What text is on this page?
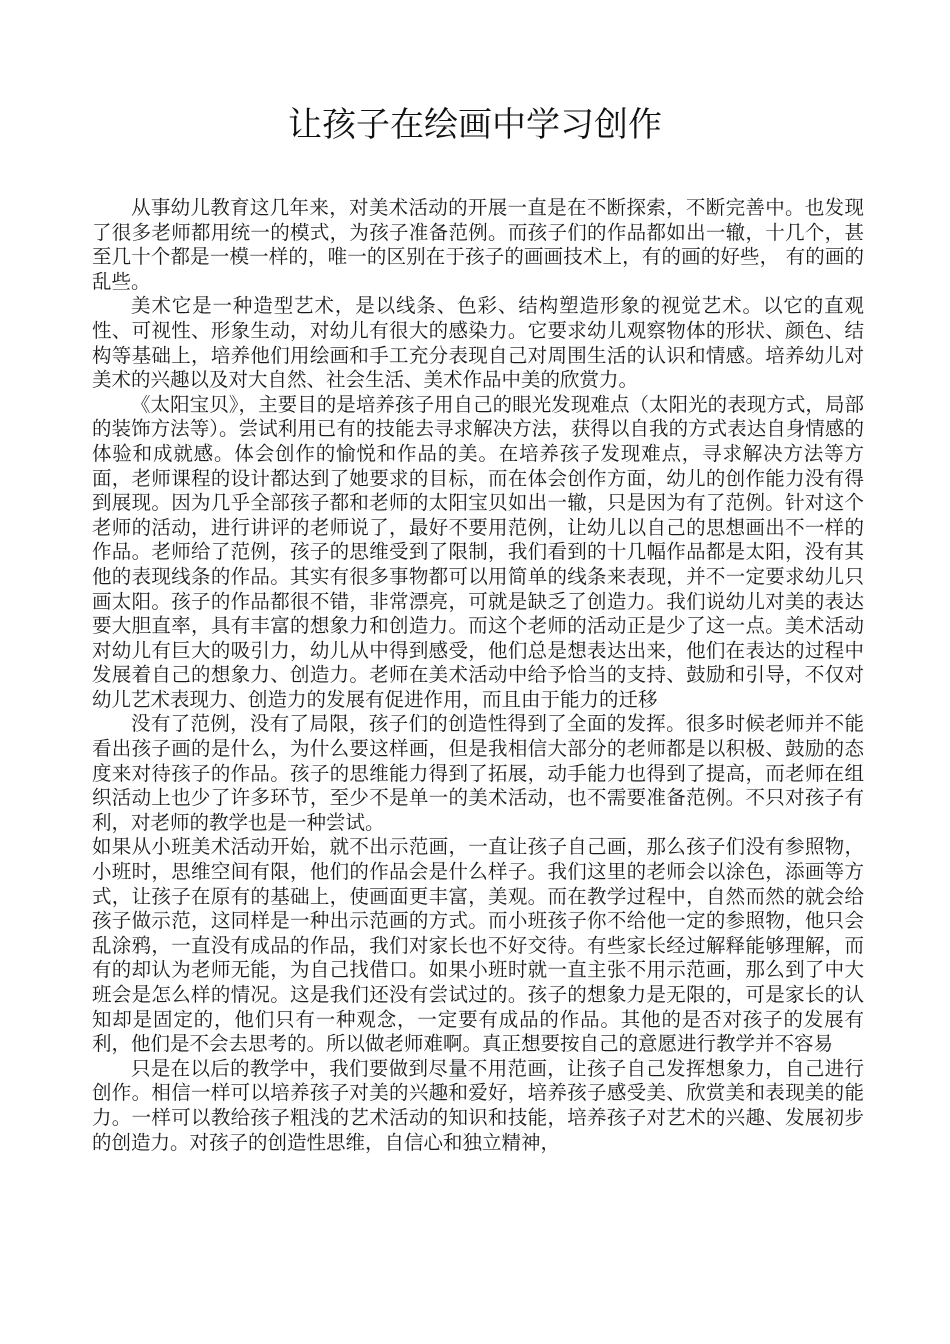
让孩子在绘画中学习创作

从事幼儿教育这几年来，对美术活动的开展一直是在不断探索，不断完善中。也发现了很多老师都用统一的模式，为孩子准备范例。而孩子们的作品都如出一辙，十几个，甚至几十个都是一模一样的，唯一的区别在于孩子的画画技术上，有的画的好些， 有的画的乱些。

美术它是一种造型艺术，是以线条、色彩、结构塑造形象的视觉艺术。以它的直观性、可视性、形象生动，对幼儿有很大的感染力。它要求幼儿观察物体的形状、颜色、结构等基础上，培养他们用绘画和手工充分表现自己对周围生活的认识和情感。培养幼儿对美术的兴趣以及对大自然、社会生活、美术作品中美的欣赏力。

《太阳宝贝》，主要目的是培养孩子用自己的眼光发现难点（太阳光的表现方式，局部的装饰方法等）。尝试利用已有的技能去寻求解决方法，获得以自我的方式表达自身情感的体验和成就感。体会创作的愉悦和作品的美。在培养孩子发现难点，寻求解决方法等方面，老师课程的设计都达到了她要求的目标，而在体会创作方面，幼儿的创作能力没有得到展现。因为几乎全部孩子都和老师的太阳宝贝如出一辙，只是因为有了范例。针对这个老师的活动，进行讲评的老师说了，最好不要用范例，让幼儿以自己的思想画出不一样的作品。老师给了范例，孩子的思维受到了限制，我们看到的十几幅作品都是太阳，没有其他的表现线条的作品。其实有很多事物都可以用简单的线条来表现，并不一定要求幼儿只画太阳。孩子的作品都很不错，非常漂亮，可就是缺乏了创造力。我们说幼儿对美的表达要大胆直率，具有丰富的想象力和创造力。而这个老师的活动正是少了这一点。美术活动对幼儿有巨大的吸引力，幼儿从中得到感受，他们总是想表达出来，他们在表达的过程中发展着自己的想象力、创造力。老师在美术活动中给予恰当的支持、鼓励和引导，不仅对幼儿艺术表现力、创造力的发展有促进作用，而且由于能力的迁移

没有了范例，没有了局限，孩子们的创造性得到了全面的发挥。很多时候老师并不能看出孩子画的是什么，为什么要这样画，但是我相信大部分的老师都是以积极、鼓励的态度来对待孩子的作品。孩子的思维能力得到了拓展，动手能力也得到了提高，而老师在组织活动上也少了许多环节，至少不是单一的美术活动，也不需要准备范例。不只对孩子有利，对老师的教学也是一种尝试。

如果从小班美术活动开始，就不出示范画，一直让孩子自己画，那么孩子们没有参照物，小班时，思维空间有限，他们的作品会是什么样子。我们这里的老师会以涂色，添画等方式，让孩子在原有的基础上，使画面更丰富，美观。而在教学过程中，自然而然的就会给孩子做示范，这同样是一种出示范画的方式。而小班孩子你不给他一定的参照物，他只会乱涂鸦，一直没有成品的作品，我们对家长也不好交待。有些家长经过解释能够理解，而有的却认为老师无能，为自己找借口。如果小班时就一直主张不用示范画，那么到了中大班会是怎么样的情况。这是我们还没有尝试过的。孩子的想象力是无限的，可是家长的认知却是固定的，他们只有一种观念，一定要有成品的作品。其他的是否对孩子的发展有利，他们是不会去思考的。所以做老师难啊。真正想要按自己的意愿进行教学并不容易

只是在以后的教学中，我们要做到尽量不用范画，让孩子自己发挥想象力，自己进行创作。相信一样可以培养孩子对美的兴趣和爱好，培养孩子感受美、欣赏美和表现美的能力。一样可以教给孩子粗浅的艺术活动的知识和技能，培养孩子对艺术的兴趣、发展初步的创造力。对孩子的创造性思维，自信心和独立精神，
